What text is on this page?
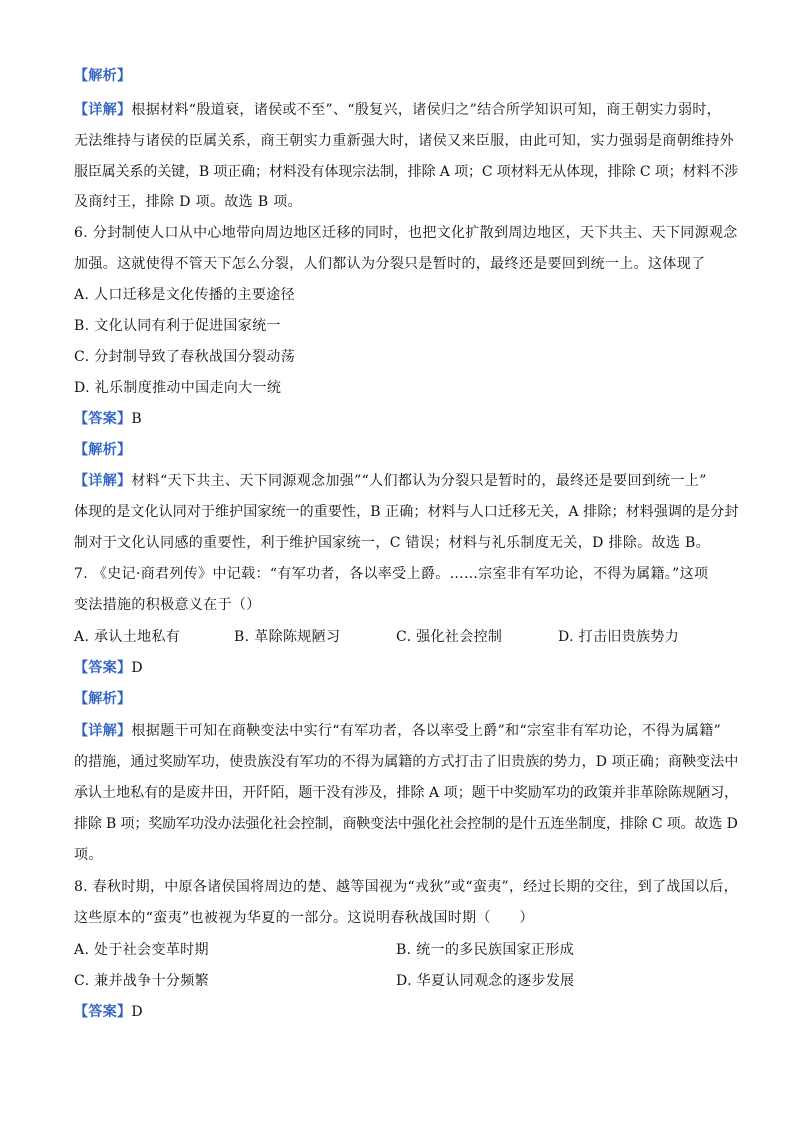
【解析】
【详解】根据材料“殷道衰，诸侯或不至”、“殷复兴，诸侯归之”结合所学知识可知，商王朝实力弱时，
无法维持与诸侯的臣属关系，商王朝实力重新强大时，诸侯又来臣服，由此可知，实力强弱是商朝维持外
服臣属关系的关键，B 项正确；材料没有体现宗法制，排除 A 项；C 项材料无从体现，排除 C 项；材料不涉
及商纣王，排除 D 项。故选 B 项。
6. 分封制使人口从中心地带向周边地区迁移的同时，也把文化扩散到周边地区，天下共主、天下同源观念
加强。这就使得不管天下怎么分裂，人们都认为分裂只是暂时的，最终还是要回到统一上。这体现了
A. 人口迁移是文化传播的主要途径
B. 文化认同有利于促进国家统一
C. 分封制导致了春秋战国分裂动荡
D. 礼乐制度推动中国走向大一统
【答案】B
【解析】
【详解】材料“天下共主、天下同源观念加强”“人们都认为分裂只是暂时的，最终还是要回到统一上”
体现的是文化认同对于维护国家统一的重要性，B 正确；材料与人口迁移无关，A 排除；材料强调的是分封
制对于文化认同感的重要性，利于维护国家统一，C 错误；材料与礼乐制度无关，D 排除。故选 B。
7. 《史记·商君列传》中记载：“有军功者，各以率受上爵。……宗室非有军功论，不得为属籍。”这项
变法措施的积极意义在于（）
A. 承认土地私有	B. 革除陈规陋习	C. 强化社会控制	D. 打击旧贵族势力
【答案】D
【解析】
【详解】根据题干可知在商鞅变法中实行“有军功者，各以率受上爵”和“宗室非有军功论，不得为属籍”
的措施，通过奖励军功，使贵族没有军功的不得为属籍的方式打击了旧贵族的势力，D 项正确；商鞅变法中
承认土地私有的是废井田，开阡陌，题干没有涉及，排除 A 项；题干中奖励军功的政策并非革除陈规陋习，
排除 B 项；奖励军功没办法强化社会控制，商鞅变法中强化社会控制的是什五连坐制度，排除 C 项。故选 D
项。
8. 春秋时期，中原各诸侯国将周边的楚、越等国视为“戎狄”或“蛮夷”，经过长期的交往，到了战国以后，
这些原本的“蛮夷”也被视为华夏的一部分。这说明春秋战国时期（　　）
A. 处于社会变革时期	B. 统一的多民族国家正形成
C. 兼并战争十分频繁	D. 华夏认同观念的逐步发展
【答案】D
